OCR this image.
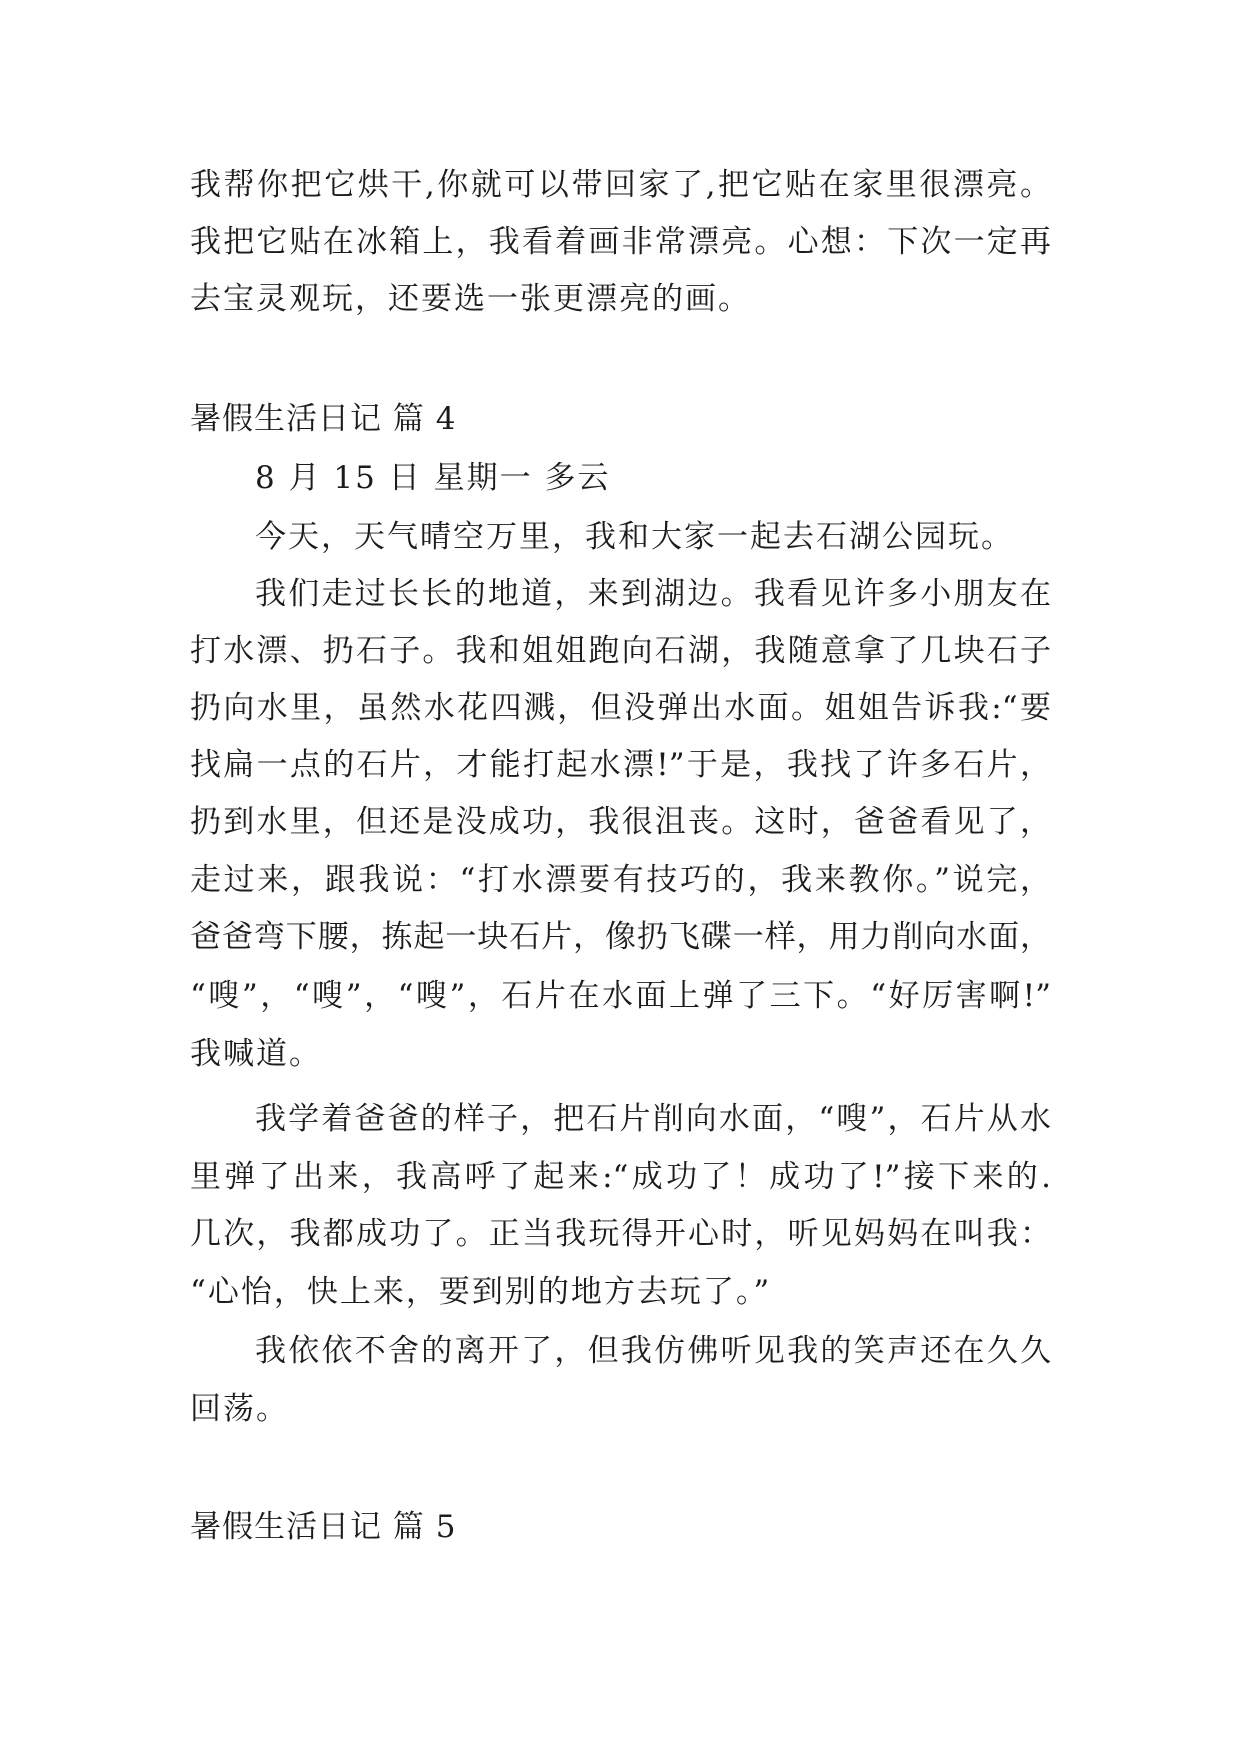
我帮你把它烘干,你就可以带回家了,把它贴在家里很漂亮。
我把它贴在冰箱上，我看着画非常漂亮。心想：下次一定再
去宝灵观玩，还要选一张更漂亮的画。
暑假生活日记 篇 4
8 月 15 日 星期一 多云
今天，天气晴空万里，我和大家一起去石湖公园玩。
我们走过长长的地道，来到湖边。我看见许多小朋友在
打水漂、扔石子。我和姐姐跑向石湖，我随意拿了几块石子
扔向水里，虽然水花四溅，但没弹出水面。姐姐告诉我:“要
找扁一点的石片，才能打起水漂!”于是，我找了许多石片，
扔到水里，但还是没成功，我很沮丧。这时，爸爸看见了，
走过来，跟我说：“打水漂要有技巧的，我来教你。”说完，
爸爸弯下腰，拣起一块石片，像扔飞碟一样，用力削向水面，
“嗖”，“嗖”，“嗖”，石片在水面上弹了三下。“好厉害啊!”
我喊道。
我学着爸爸的样子，把石片削向水面，“嗖”，石片从水
里弹了出来，我高呼了起来:“成功了！成功了!”接下来的.
几次，我都成功了。正当我玩得开心时，听见妈妈在叫我：
“心怡，快上来，要到别的地方去玩了。”
我依依不舍的离开了，但我仿佛听见我的笑声还在久久
回荡。
暑假生活日记 篇 5
